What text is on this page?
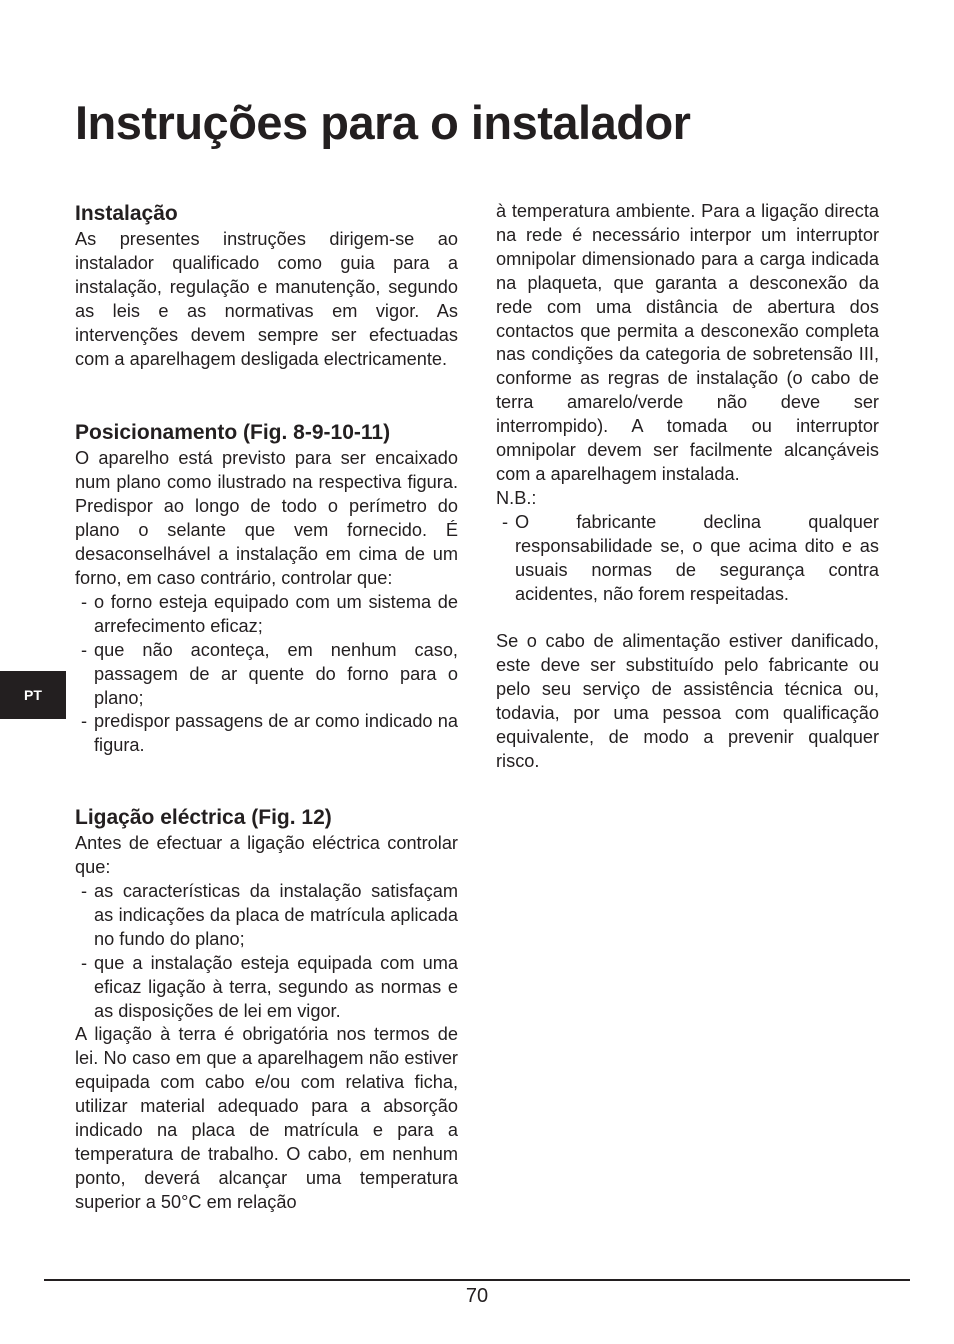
Instruções para o instalador
Instalação

As presentes instruções dirigem-se ao instalador qualificado como guia para a instalação, regulação e manutenção, segundo as leis e as normativas em vigor. As intervenções devem sempre ser efectuadas com a aparelhagem desligada electricamente.

Posicionamento (Fig. 8-9-10-11)

O aparelho está previsto para ser encaixado num plano como ilustrado na respectiva figura. Predispor ao longo de todo o perímetro do plano o selante que vem fornecido. É desaconselhável a instalação em cima de um forno, em caso contrário, controlar que:

- o forno esteja equipado com um sistema de arrefecimento eficaz;
- que não aconteça, em nenhum caso, passagem de ar quente do forno para o plano;
- predispor passagens de ar como indicado na figura.
Ligação eléctrica (Fig. 12)

Antes de efectuar a ligação eléctrica controlar que:

- as características da instalação satisfaçam as indicações da placa de matrícula aplicada no fundo do plano;
- que a instalação esteja equipada com uma eficaz ligação à terra, segundo as normas e as disposições de lei em vigor.

A ligação à terra é obrigatória nos termos de lei. No caso em que a aparelhagem não estiver equipada com cabo e/ou com relativa ficha, utilizar material adequado para a absorção indicado na placa de matrícula e para a temperatura de trabalho. O cabo, em nenhum ponto, deverá alcançar uma temperatura superior a 50°C em relação

à temperatura ambiente. Para a ligação directa na rede é necessário interpor um interruptor omnipolar dimensionado para a carga indicada na plaqueta, que garanta a desconexão da rede com uma distância de abertura dos contactos que permita a desconexão completa nas condições da categoria de sobretensão III, conforme as regras de instalação (o cabo de terra amarelo/verde não deve ser interrompido). A tomada ou interruptor omnipolar devem ser facilmente alcançáveis com a aparelhagem instalada.

N.B.:

- O fabricante declina qualquer responsabilidade se, o que acima dito e as usuais normas de segurança contra acidentes, não forem respeitadas.

Se o cabo de alimentação estiver danificado, este deve ser substituído pelo fabricante ou pelo seu serviço de assistência técnica ou, todavia, por uma pessoa com qualificação equivalente, de modo a prevenir qualquer risco.

PT
70
